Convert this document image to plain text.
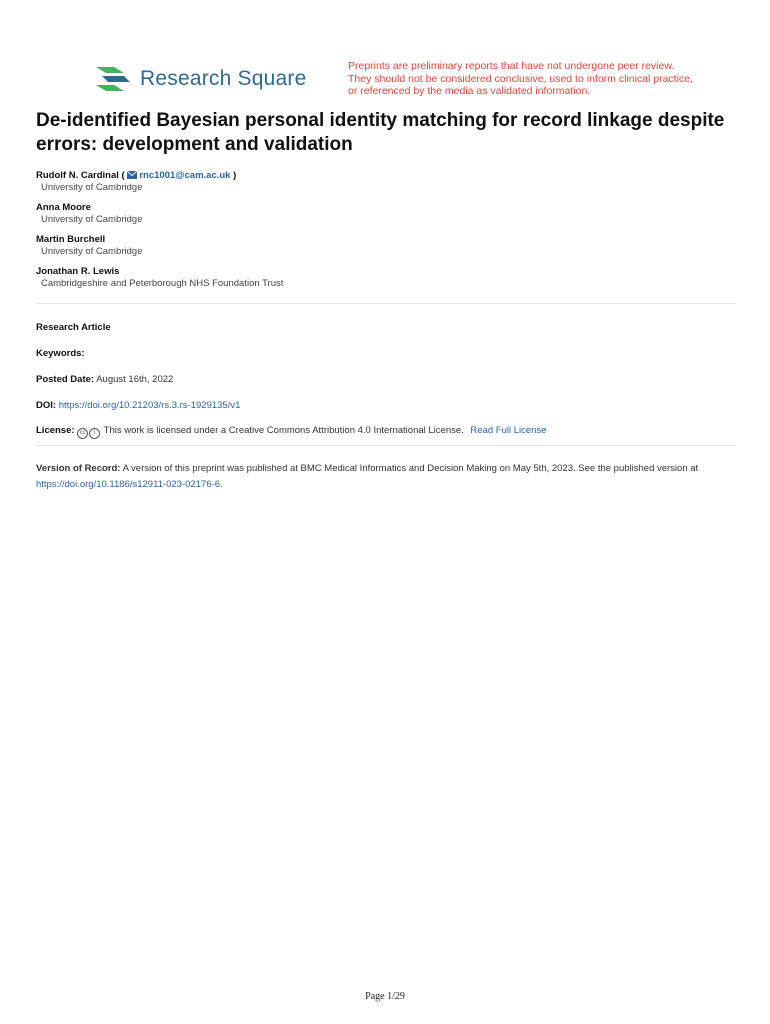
Research Square
Preprints are preliminary reports that have not undergone peer review.
They should not be considered conclusive, used to inform clinical practice,
or referenced by the media as validated information.
De-identified Bayesian personal identity matching for record linkage despite errors: development and validation
Rudolf N. Cardinal ( rnc1001@cam.ac.uk )
University of Cambridge
Anna Moore
University of Cambridge
Martin Burchell
University of Cambridge
Jonathan R. Lewis
Cambridgeshire and Peterborough NHS Foundation Trust
Research Article
Keywords:
Posted Date: August 16th, 2022
DOI: https://doi.org/10.21203/rs.3.rs-1929135/v1
License: cc i This work is licensed under a Creative Commons Attribution 4.0 International License. Read Full License
Version of Record: A version of this preprint was published at BMC Medical Informatics and Decision Making on May 5th, 2023. See the published version at https://doi.org/10.1186/s12911-023-02176-6.
Page 1/29
